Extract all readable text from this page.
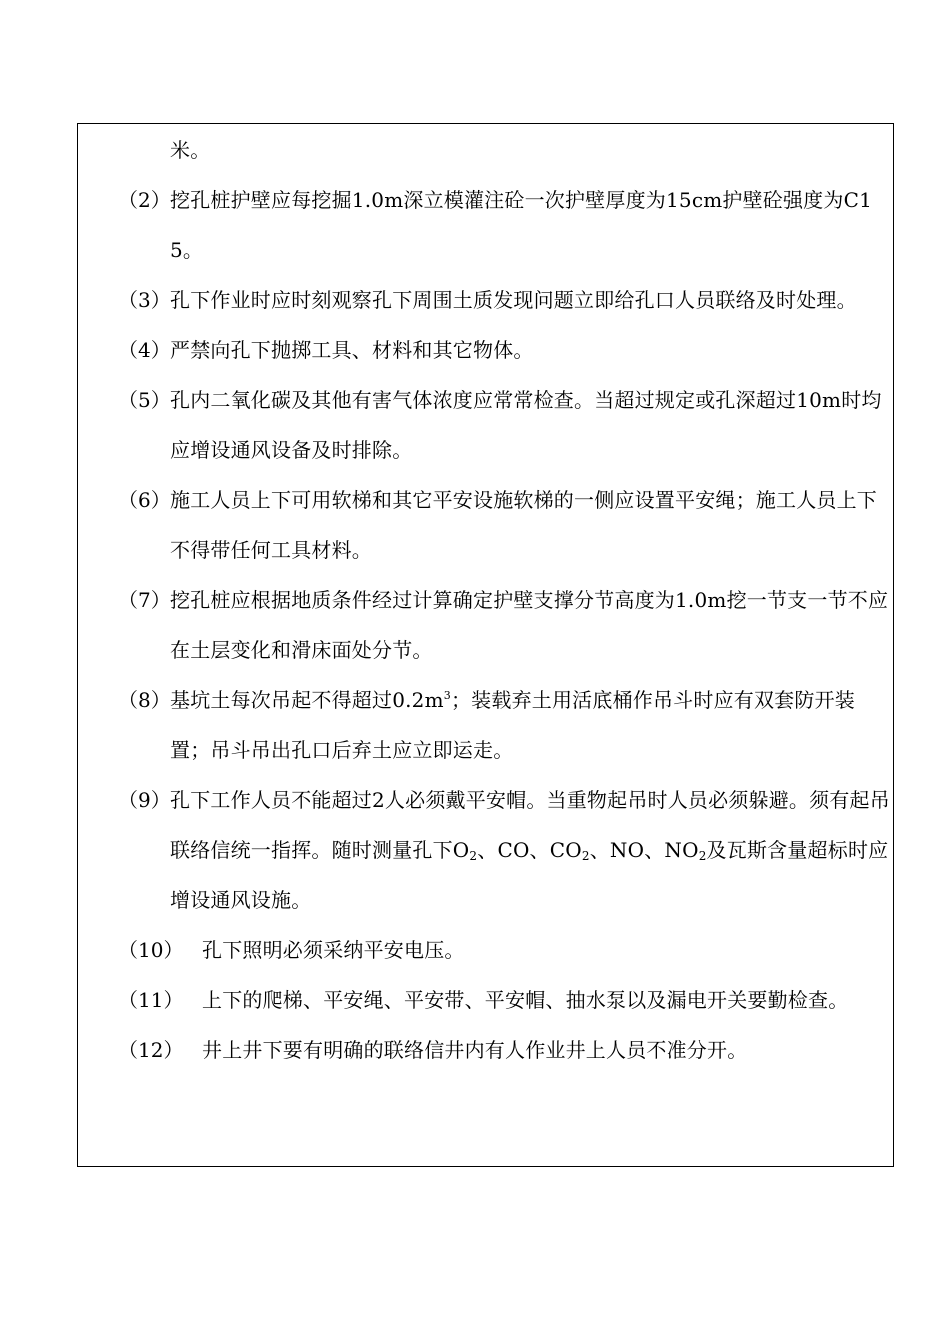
米。
（2） 挖孔桩护壁应每挖掘1.0m深立模灌注砼一次护壁厚度为15cm护壁砼强度为C15。
（3） 孔下作业时应时刻观察孔下周围土质发现问题立即给孔口人员联络及时处理。
（4） 严禁向孔下抛掷工具、材料和其它物体。
（5） 孔内二氧化碳及其他有害气体浓度应常常检查。当超过规定或孔深超过10m时均应增设通风设备及时排除。
（6） 施工人员上下可用软梯和其它平安设施软梯的一侧应设置平安绳；施工人员上下不得带任何工具材料。
（7） 挖孔桩应根据地质条件经过计算确定护壁支撑分节高度为1.0m挖一节支一节不应在土层变化和滑床面处分节。
（8） 基坑土每次吊起不得超过$0.2m^3$；装载弃土用活底桶作吊斗时应有双套防开装置；吊斗吊出孔口后弃土应立即运走。
（9） 孔下工作人员不能超过2人必须戴平安帽。当重物起吊时人员必须躲避。须有起吊联络信统一指挥。随时测量孔下$O_2$、CO、$CO_2$、NO、$NO_2$及瓦斯含量超标时应增设通风设施。
（10） 孔下照明必须采纳平安电压。
（11） 上下的爬梯、平安绳、平安带、平安帽、抽水泵以及漏电开关要勤检查。
（12） 井上井下要有明确的联络信井内有人作业井上人员不准分开。
